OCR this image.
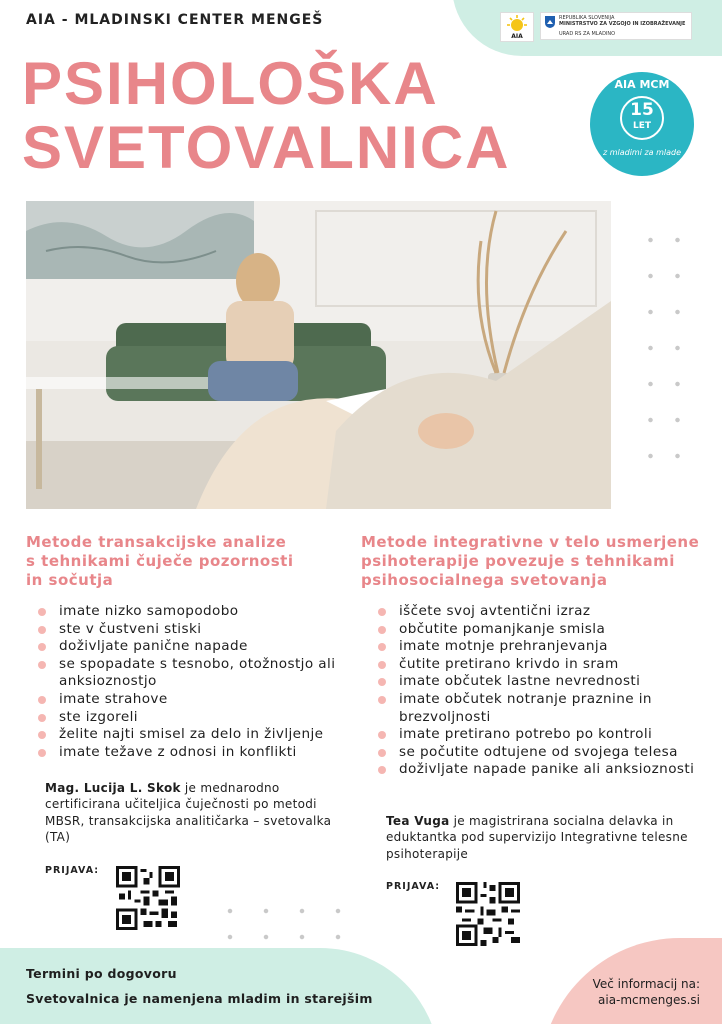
AIA - MLADINSKI CENTER MENGEŠ
PSIHOLOŠKA
SVETOVALNICA
AIA
REPUBLIKA SLOVENIJA
MINISTRSTVO ZA VZGOJO IN IZOBRAŽEVANJE
URAD RS ZA MLADINO
AIA MCM
15
LET
z mladimi za mlade
Metode transakcijske analize
s tehnikami čuječe pozornosti
in sočutja
Metode integrativne v telo usmerjene
psihoterapije povezuje s tehnikami
psihosocialnega svetovanja
imate nizko samopodobo
ste v čustveni stiski
doživljate panične napade
se spopadate s tesnobo, otožnostjo ali anksioznostjo
imate strahove
ste izgoreli
želite najti smisel za delo in življenje
imate težave z odnosi in konflikti
iščete svoj avtentični izraz
občutite pomanjkanje smisla
imate motnje prehranjevanja
čutite pretirano krivdo in sram
imate občutek lastne nevrednosti
imate občutek notranje praznine in brezvoljnosti
imate pretirano potrebo po kontroli
se počutite odtujene od svojega telesa
doživljate napade panike ali anksioznosti
Mag. Lucija L. Skok je mednarodno certificirana učiteljica čuječnosti po metodi MBSR, transakcijska analitičarka – svetovalka (TA)
Tea Vuga je magistrirana socialna delavka in eduktantka pod supervizijo Integrativne telesne psihoterapije
PRIJAVA:
PRIJAVA:
Termini po dogovoru
Svetovalnica je namenjena mladim in starejšim
Več informacij na:
aia-mcmenges.si
